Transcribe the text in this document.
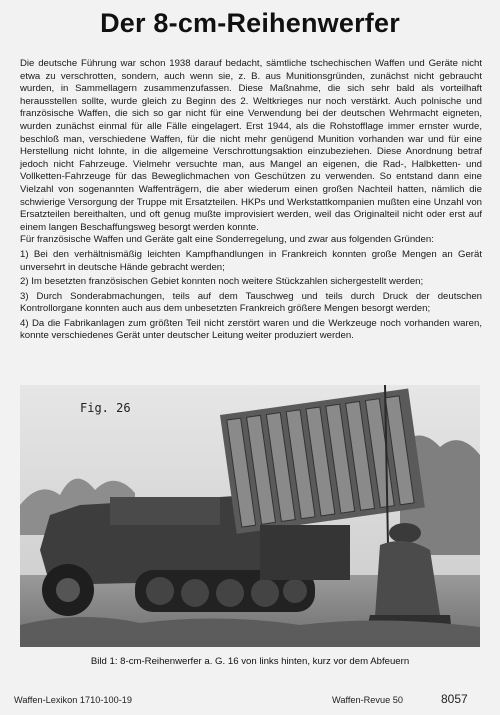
Der 8-cm-Reihenwerfer

Die deutsche Führung war schon 1938 darauf bedacht, sämtliche tschechischen Waffen und Geräte nicht etwa zu verschrotten, sondern, auch wenn sie, z. B. aus Munitionsgründen, zunächst nicht gebraucht wurden, in Sammellagern zusammenzufassen. Diese Maßnahme, die sich sehr bald als vorteilhaft herausstellen sollte, wurde gleich zu Beginn des 2. Weltkrieges nur noch verstärkt. Auch polnische und französische Waffen, die sich so gar nicht für eine Verwendung bei der deutschen Wehrmacht eigneten, wurden zunächst einmal für alle Fälle eingelagert. Erst 1944, als die Rohstofflage immer ernster wurde, beschloß man, verschiedene Waffen, für die nicht mehr genügend Munition vorhanden war und für eine Herstellung nicht lohnte, in die allgemeine Verschrottungsaktion einzubeziehen. Diese Anordnung betraf jedoch nicht Fahrzeuge. Vielmehr versuchte man, aus Mangel an eigenen, die Rad-, Halbketten- und Vollketten-Fahrzeuge für das Beweglichmachen von Geschützen zu verwenden. So entstand dann eine Vielzahl von sogenannten Waffenträgern, die aber wiederum einen großen Nachteil hatten, nämlich die schwierige Versorgung der Truppe mit Ersatzteilen. HKPs und Werkstattkompanien mußten eine Unzahl von Ersatzteilen bereithalten, und oft genug mußte improvisiert werden, weil das Originalteil nicht oder erst auf einem langen Beschaffungsweg besorgt werden konnte.

Für französische Waffen und Geräte galt eine Sonderregelung, und zwar aus folgenden Gründen:

1) Bei den verhältnismäßig leichten Kampfhandlungen in Frankreich konnten große Mengen an Gerät unversehrt in deutsche Hände gebracht werden;

2) Im besetzten französischen Gebiet konnten noch weitere Stückzahlen sichergestellt werden;

3) Durch Sonderabmachungen, teils auf dem Tauschweg und teils durch Druck der deutschen Kontrollorgane konnten auch aus dem unbesetzten Frankreich größere Mengen besorgt werden;

4) Da die Fabrikanlagen zum größten Teil nicht zerstört waren und die Werkzeuge noch vorhanden waren, konnte verschiedenes Gerät unter deutscher Leitung weiter produziert werden.

Fig. 26
Bild 1: 8-cm-Reihenwerfer a. G. 16 von links hinten, kurz vor dem Abfeuern
Waffen-Lexikon 1710-100-19	Waffen-Revue 50	8057
